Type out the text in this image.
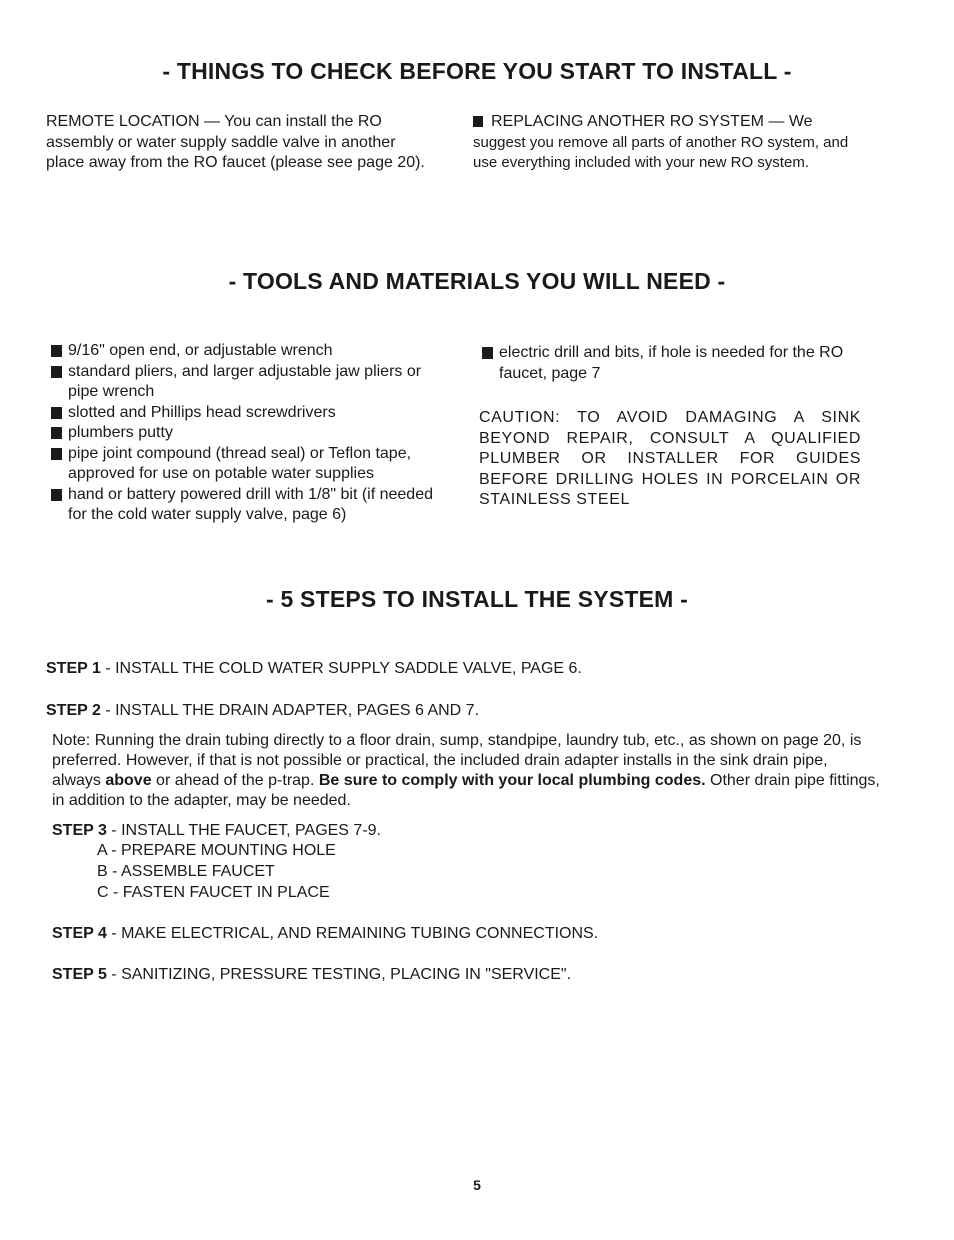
- THINGS TO CHECK BEFORE YOU START TO INSTALL -

REMOTE LOCATION — You can install the RO assembly or water supply saddle valve in another place away from the RO faucet (please see page 20).

REPLACING ANOTHER RO SYSTEM — We suggest you remove all parts of another RO system, and use everything included with your new RO system.

- TOOLS AND MATERIALS YOU WILL NEED -
9/16" open end, or adjustable wrench
standard pliers, and larger adjustable jaw pliers or pipe wrench
slotted and Phillips head screwdrivers
plumbers putty
pipe joint compound (thread seal) or Teflon tape, approved for use on potable water supplies
hand or battery powered drill with 1/8" bit (if needed for the cold water supply valve, page 6)
electric drill and bits, if hole is needed for the RO faucet, page 7

CAUTION: TO AVOID DAMAGING A SINK BEYOND REPAIR, CONSULT A QUALIFIED PLUMBER OR INSTALLER FOR GUIDES BEFORE DRILLING HOLES IN PORCELAIN OR STAINLESS STEEL

- 5 STEPS TO INSTALL THE SYSTEM -
STEP 1 - INSTALL THE COLD WATER SUPPLY SADDLE VALVE, PAGE 6.
STEP 2 - INSTALL THE DRAIN ADAPTER, PAGES 6 AND 7.
Note: Running the drain tubing directly to a floor drain, sump, standpipe, laundry tub, etc., as shown on page 20, is preferred. However, if that is not possible or practical, the included drain adapter installs in the sink drain pipe, always above or ahead of the p-trap. Be sure to comply with your local plumbing codes. Other drain pipe fittings, in addition to the adapter, may be needed.
STEP 3 - INSTALL THE FAUCET, PAGES 7-9.
A - PREPARE MOUNTING HOLE
B - ASSEMBLE FAUCET
C - FASTEN FAUCET IN PLACE
STEP 4 - MAKE ELECTRICAL, AND REMAINING TUBING CONNECTIONS.
STEP 5 - SANITIZING, PRESSURE TESTING, PLACING IN "SERVICE".
5
